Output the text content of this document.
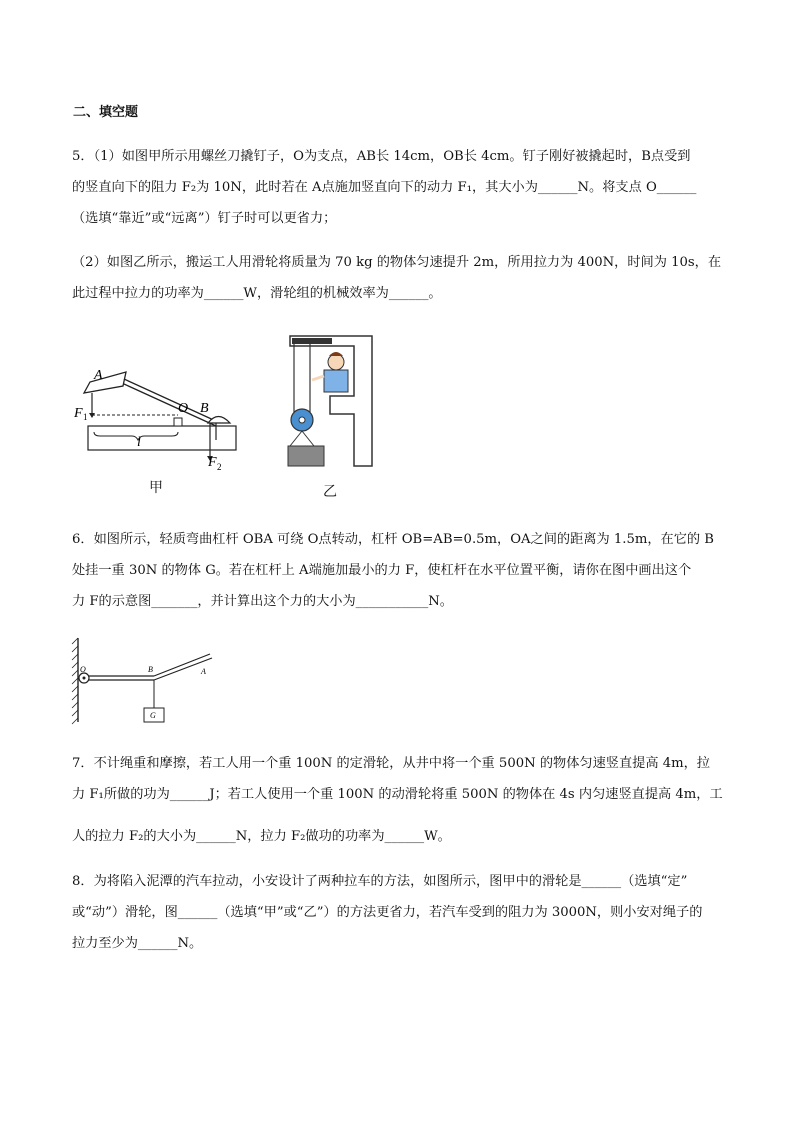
二、填空题
5．（1）如图甲所示用螺丝刀撬钉子，O为支点，AB长 14cm，OB长 4cm。钉子刚好被撬起时，B点受到
的竖直向下的阻力 F₂为 10N，此时若在 A点施加竖直向下的动力 F₁，其大小为______N。将支点 O______
（选填“靠近”或“远离”）钉子时可以更省力；
（2）如图乙所示，搬运工人用滑轮将质量为 70 kg 的物体匀速提升 2m，所用拉力为 400N，时间为 10s，在
此过程中拉力的功率为______W，滑轮组的机械效率为______。
A
O B
F 1
l
F 2
甲	乙
6．如图所示，轻质弯曲杠杆 OBA 可绕 O点转动，杠杆 OB=AB=0.5m，OA之间的距离为 1.5m，在它的 B
处挂一重 30N 的物体 G。若在杠杆上 A端施加最小的力 F，使杠杆在水平位置平衡，请你在图中画出这个
力 F的示意图_______，并计算出这个力的大小为___________N。
O	B	A
G
7．不计绳重和摩擦，若工人用一个重 100N 的定滑轮，从井中将一个重 500N 的物体匀速竖直提高 4m，拉
力 F₁所做的功为______J；若工人使用一个重 100N 的动滑轮将重 500N 的物体在 4s 内匀速竖直提高 4m，工
人的拉力 F₂的大小为______N，拉力 F₂做功的功率为______W。
8．为将陷入泥潭的汽车拉动，小安设计了两种拉车的方法，如图所示，图甲中的滑轮是______（选填“定”
或“动”）滑轮，图______（选填“甲”或“乙”）的方法更省力，若汽车受到的阻力为 3000N，则小安对绳子的
拉力至少为______N。
